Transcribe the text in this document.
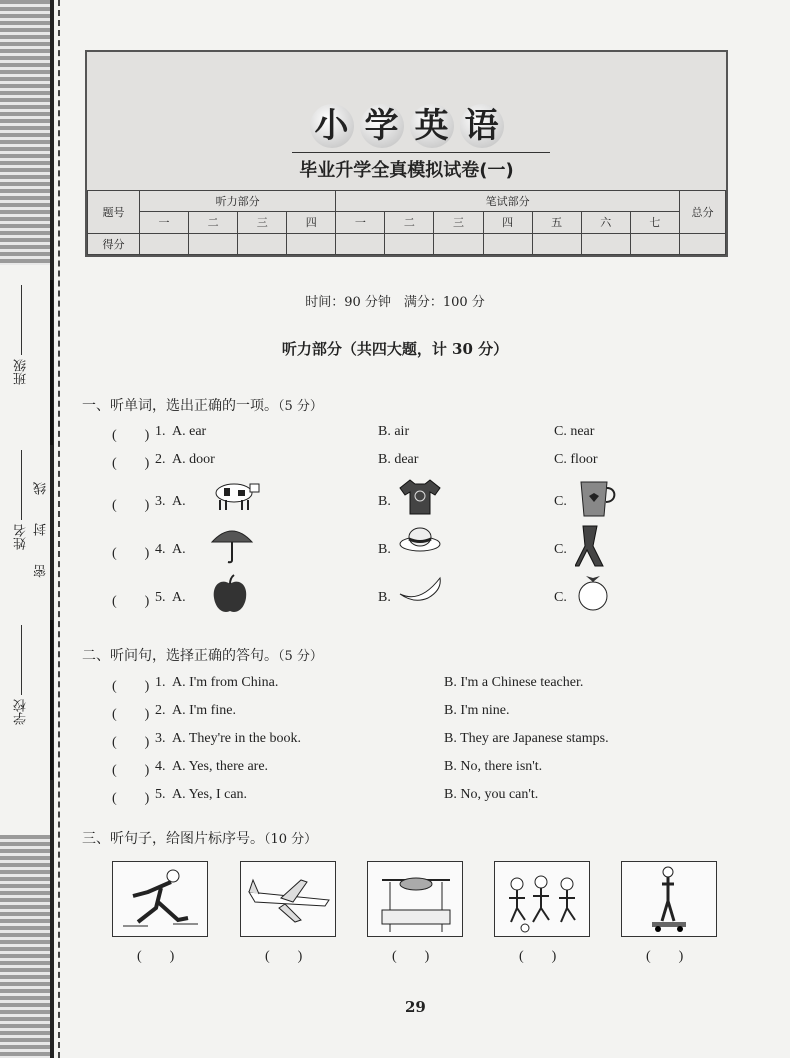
班级
姓名
学校
密 封 线
小 学 英 语
毕业升学全真模拟试卷(一)
题号	听力部分				笔试部分							总分
	一	二	三	四	一	二	三	四	五	六	七	
得分												
时间：90 分钟　满分：100 分
听力部分（共四大题，计 30 分）
一、听单词，选出正确的一项。（5 分）
(　　) 1. A. ear	B. air	C. near
(　　) 2. A. door	B. dear	C. floor
(　　) 3. A.	B.	C.
(　　) 4. A.	B.	C.
(　　) 5. A.	B.	C.
二、听问句，选择正确的答句。（5 分）
(　　) 1. A. I'm from China.	B. I'm a Chinese teacher.
(　　) 2. A. I'm fine.	B. I'm nine.
(　　) 3. A. They're in the book.	B. They are Japanese stamps.
(　　) 4. A. Yes, there are.	B. No, there isn't.
(　　) 5. A. Yes, I can.	B. No, you can't.
三、听句子，给图片标序号。（10 分）
(　　)	(　　)	(　　)	(　　)	(　　)
29
